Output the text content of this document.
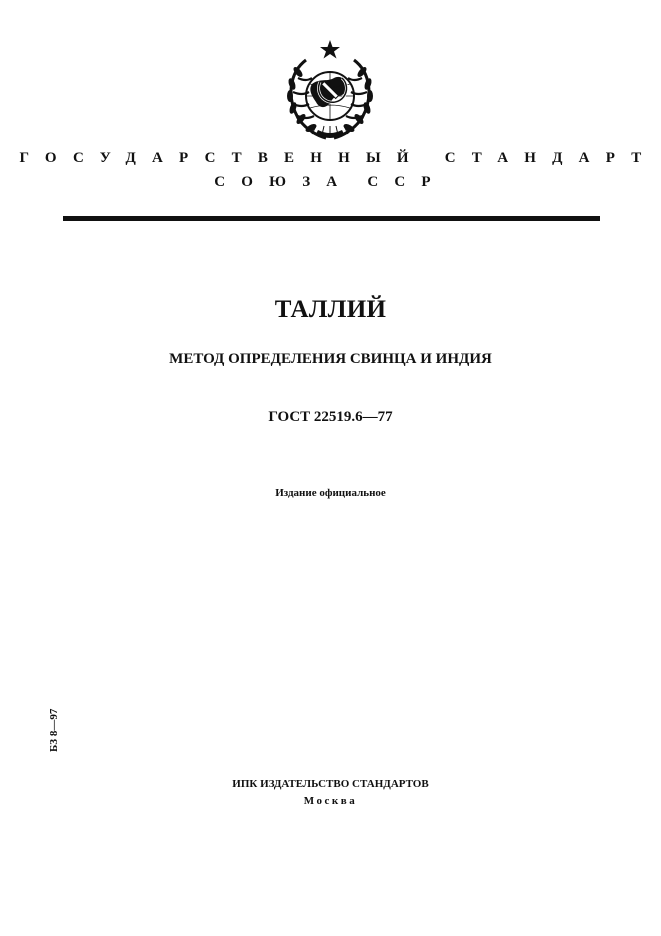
ГОСУДАРСТВЕННЫЙ СТАНДАРТ
СОЮЗА ССР
ТАЛЛИЙ
МЕТОД ОПРЕДЕЛЕНИЯ СВИНЦА И ИНДИЯ
ГОСТ 22519.6—77
Издание официальное
БЗ 8—97
ИПК ИЗДАТЕЛЬСТВО СТАНДАРТОВ
Москва
